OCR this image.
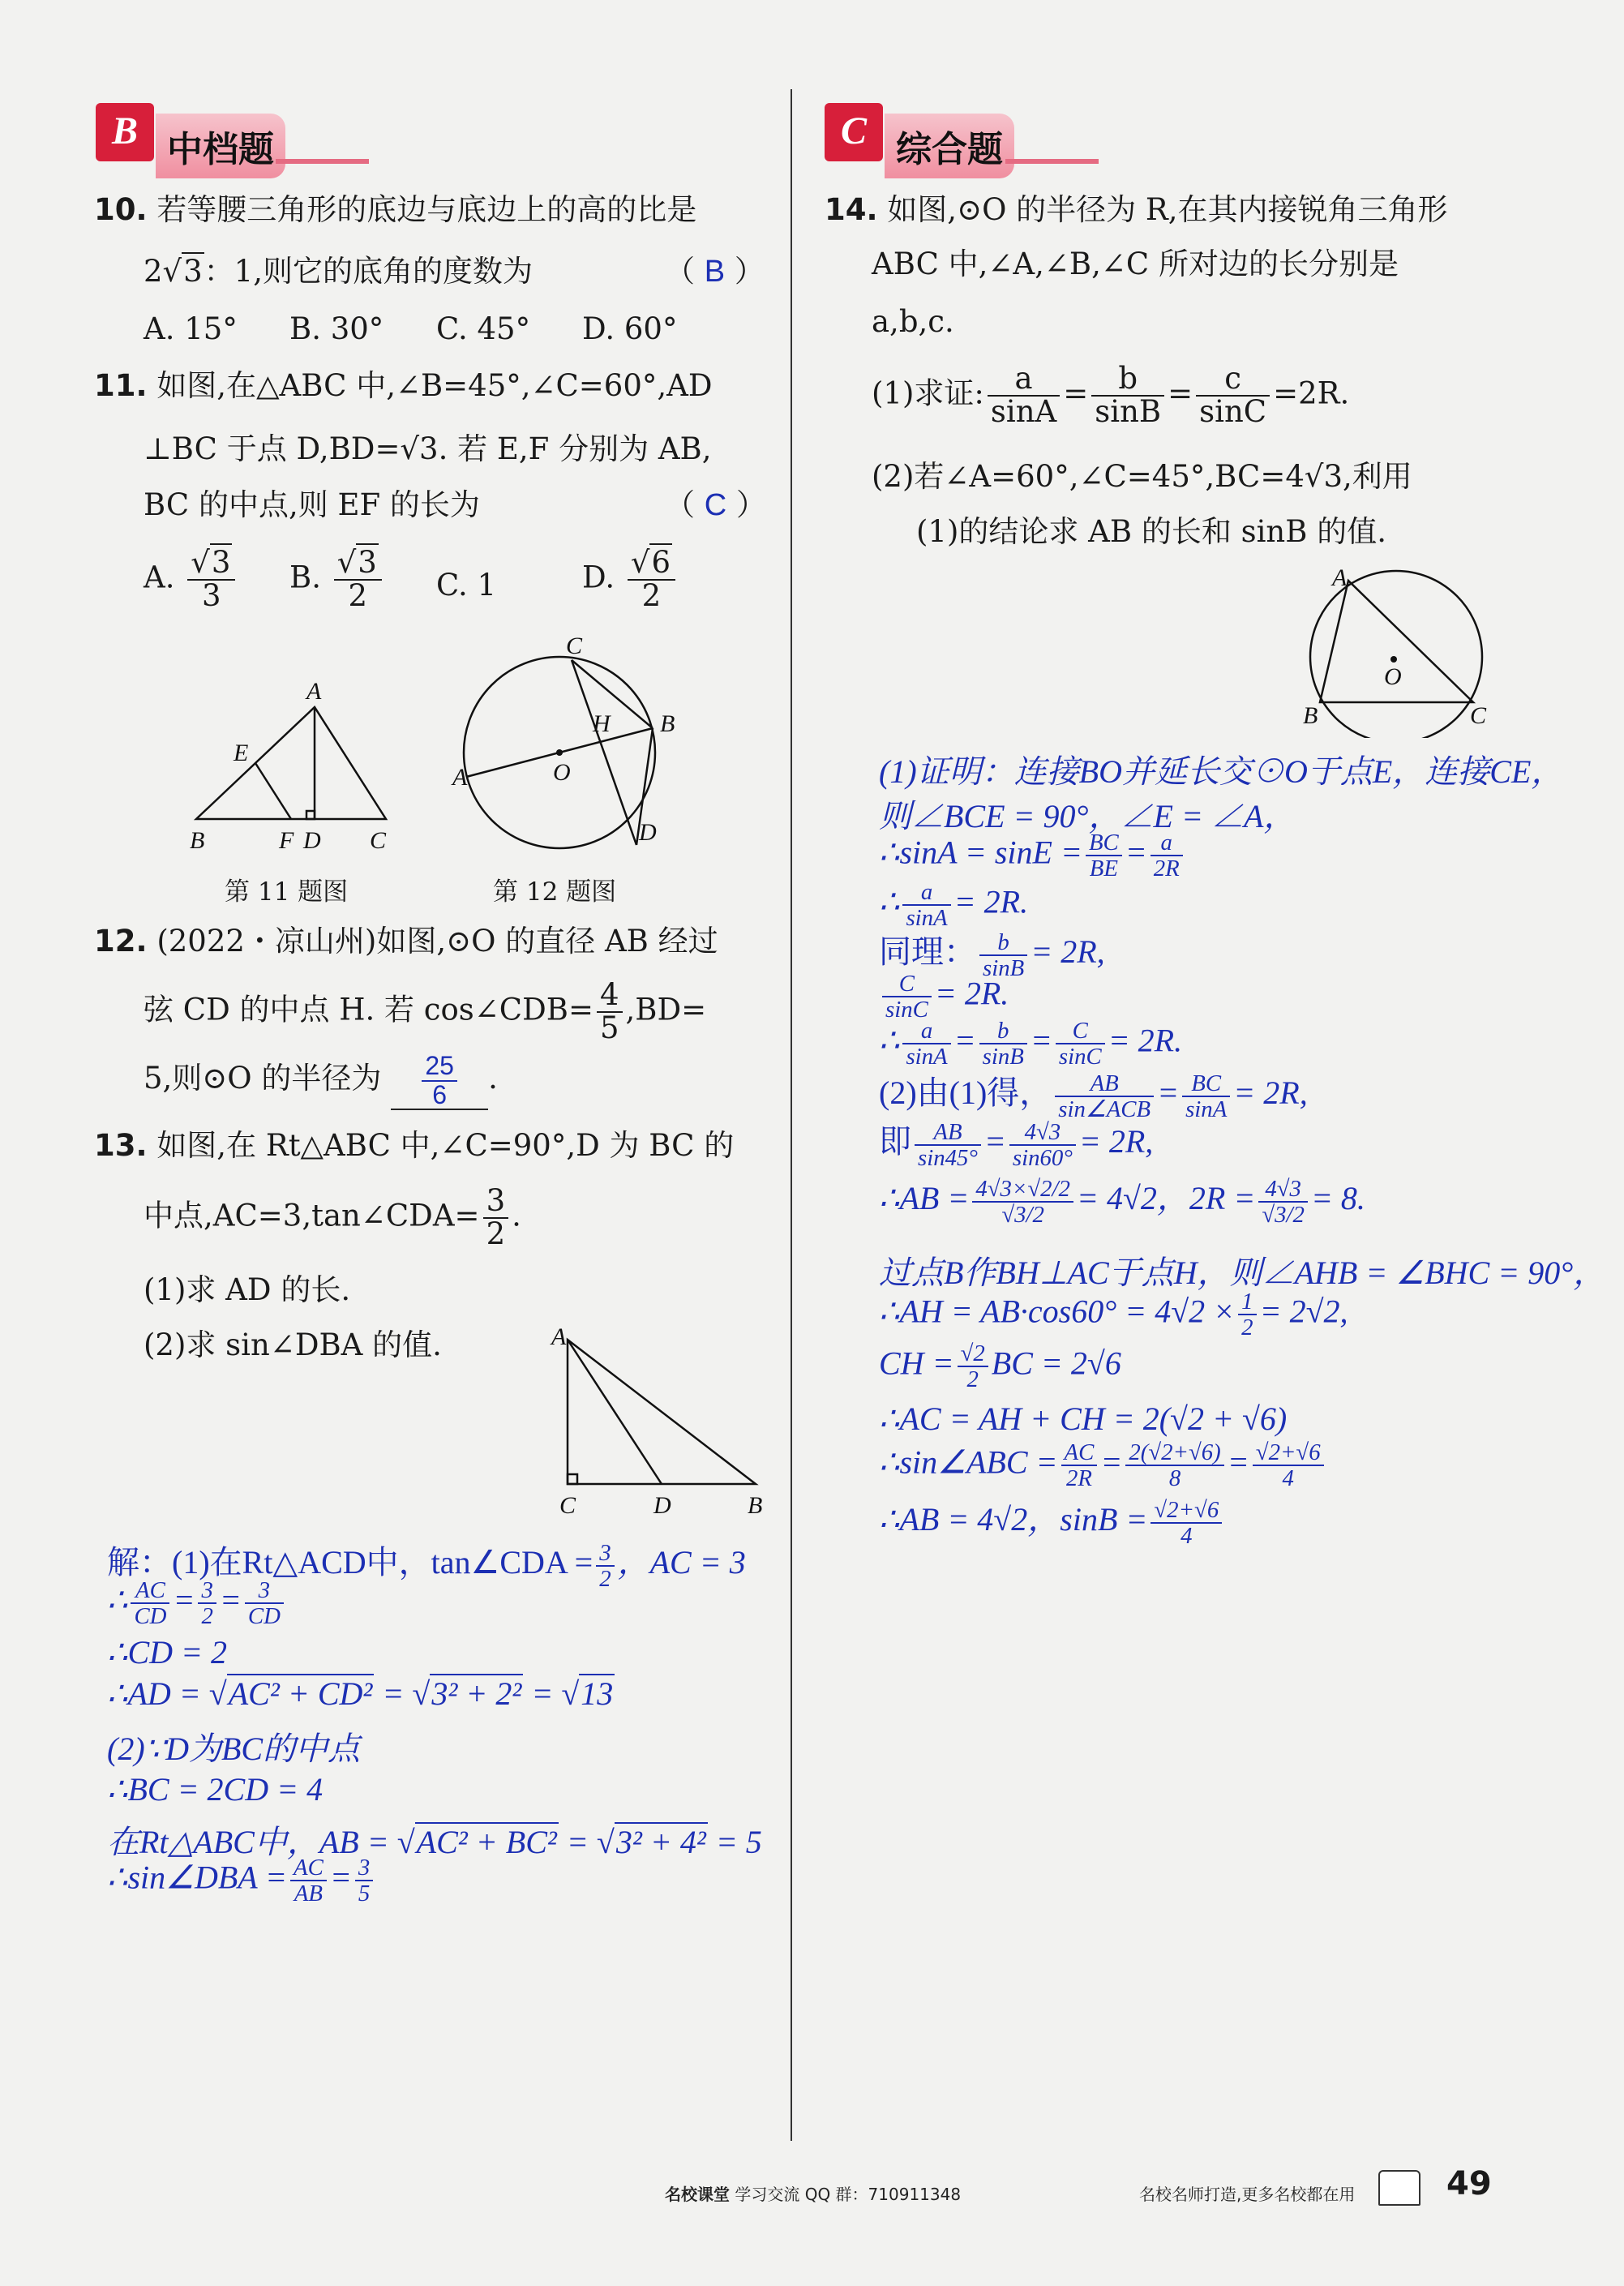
B 中档题	C 综合题
10. 若等腰三角形的底边与底边上的高的比是
2√3：1,则它的底角的度数为	（ B ）
A. 15° B. 30° C. 45° D. 60°
11. 如图,在△ABC 中,∠B=45°,∠C=60°,AD
⊥BC 于点 D,BD=√3. 若 E,F 分别为 AB,
BC 的中点,则 EF 的长为	（ C ）
A. $\frac{√3}{3} B$. $\frac{√3}{2} C$. 1	D. $\frac{√6}{2}$
A
E
B	F D C
第 11 题图
C
H B
O
A
D
第 12 题图
12. (2022・凉山州)如图,⊙O 的直径 AB 经过
弦 CD 的中点 H. 若 cos∠CDB= $\frac{4}{5} ,BD=$
5,则⊙O 的半径为 $\frac{25}{6}$ .
13. 如图,在 Rt△ABC 中,∠C=90°,D 为 BC 的
中点,AC=3,tan∠CDA= $\frac{3}{2}$ .
(1)求 AD 的长.
(2)求 sin∠DBA 的值.	A
C	D	B
解：(1)在Rt△ACD中，tan∠CDA = $\frac{3}{2}$ ，AC = 3
∴ $\frac{AC}{CD} = \frac{3}{2} = \frac{3}{CD}$
∴CD = 2
∴AD = √AC² + CD² = √3² + 2² = √13
(2)∵D为BC的中点
∴BC = 2CD = 4
在Rt△ABC中，AB = √AC² + BC² = √3² + 4² = 5
∴sin∠DBA = $\frac{AC}{AB} = \frac{3}{5}$
14. 如图,⊙O 的半径为 R,在其内接锐角三角形
ABC 中,∠A,∠B,∠C 所对边的长分别是
a,b,c.
(1)求证: $\frac{a}{\sin A} = \frac{b}{\sin B} = \frac{c}{\sin C} =2R$.
(2)若∠A=60°,∠C=45°,BC=4√3,利用
(1)的结论求 AB 的长和 sinB 的值.
A
O
B	C
(1)证明：连接BO并延长交⊙O于点E，连接CE，
则∠BCE = 90°，∠E = ∠A，
∴sinA = $\sin E = \frac{BC}{BE} = \frac{a}{2R}$
∴ $\frac{a}{\sin A} = 2R$.
同理： $\frac{b}{\sin B} = 2R$,
$\frac{C}{\sin C} = 2R$.
∴ $\frac{a}{\sin A} = \frac{b}{\sin B} = \frac{C}{\sin C} = 2R$.
(2)由(1)得， $\frac{AB}{\text{sin∠ACB}} = \frac{BC}{\sin A} = 2R$,
即 $\frac{AB}{\sin 45^\circ} = \frac{4√3}{\sin 60^\circ} = 2R$,
∴AB = $\frac{4√3\times√2/2}{√3/2} = 4√2$，$2R = \frac{4√3}{√3/2} = 8$.
过点B作BH⊥AC于点H，则∠AHB = ∠BHC = 90°，
∴AH = $AB\cdot\cos 60^\circ = 4√2 \times \frac{1}{2} = 2√2$,
CH = $\frac{√2}{2}$ BC = 2√6
∴AC = AH + CH = 2(√2 + √6)
∴sin∠ABC = $\frac{AC}{2R} = \frac{2(√2+√6)}{8} = \frac{√2+√6}{4}$
∴AB = 4√2，$\sin B = \frac{√2+√6}{4}$
名校课堂 学习交流 QQ 群：710911348	名校名师打造,更多名校都在用	49
